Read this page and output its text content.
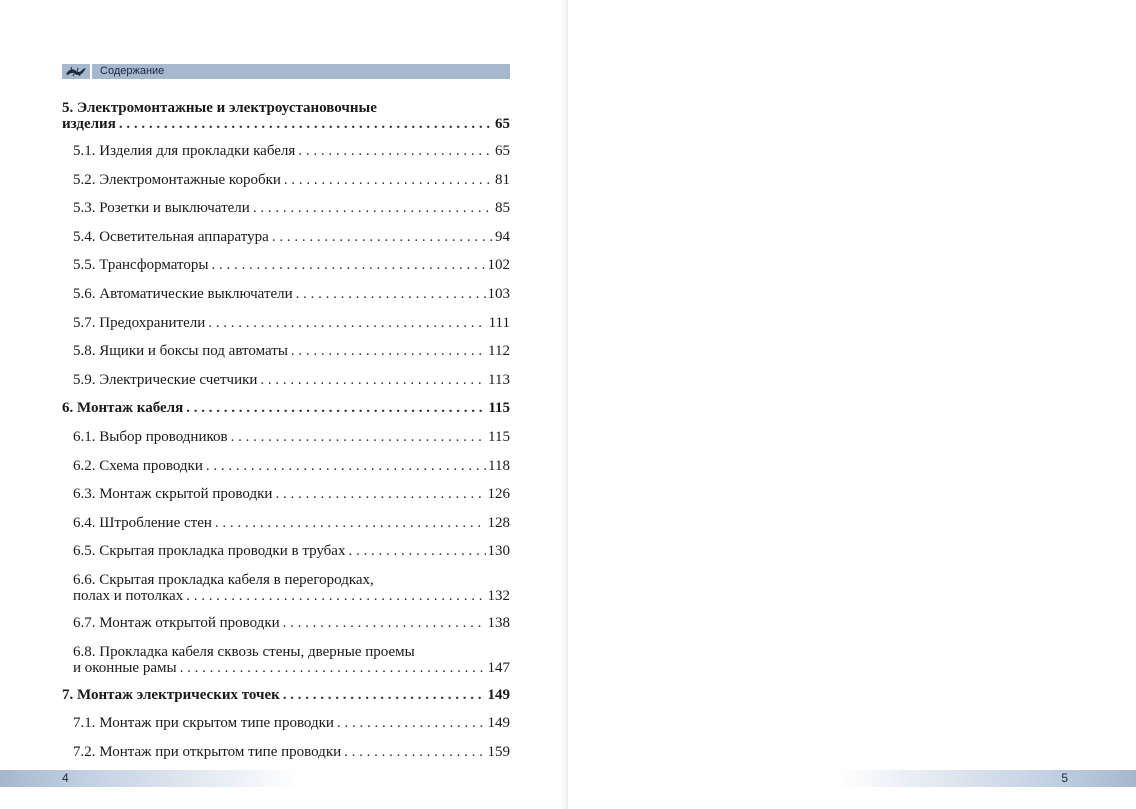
Содержание
5. Электромонтажные и электроустановочные
изделия . . .	65
5.1. Изделия для прокладки кабеля . . .	65
5.2. Электромонтажные коробки . . .	81
5.3. Розетки и выключатели . . .	85
5.4. Осветительная аппаратура . . .	94
5.5. Трансформаторы . . .	102
5.6. Автоматические выключатели . . .	103
5.7. Предохранители . . .	111
5.8. Ящики и боксы под автоматы . . .	112
5.9. Электрические счетчики . . .	113
6. Монтаж кабеля . . .	115
6.1. Выбор проводников . . .	115
6.2. Схема проводки . . .	118
6.3. Монтаж скрытой проводки . . .	126
6.4. Штробление стен . . .	128
6.5. Скрытая прокладка проводки в трубах . . .	130
6.6. Скрытая прокладка кабеля в перегородках,
полах и потолках . . .	132
6.7. Монтаж открытой проводки . . .	138
6.8. Прокладка кабеля сквозь стены, дверные проемы
и оконные рамы . . .	147
7. Монтаж электрических точек . . .	149
7.1. Монтаж при скрытом типе проводки . . .	149
7.2. Монтаж при открытом типе проводки . . .	159
4	5
